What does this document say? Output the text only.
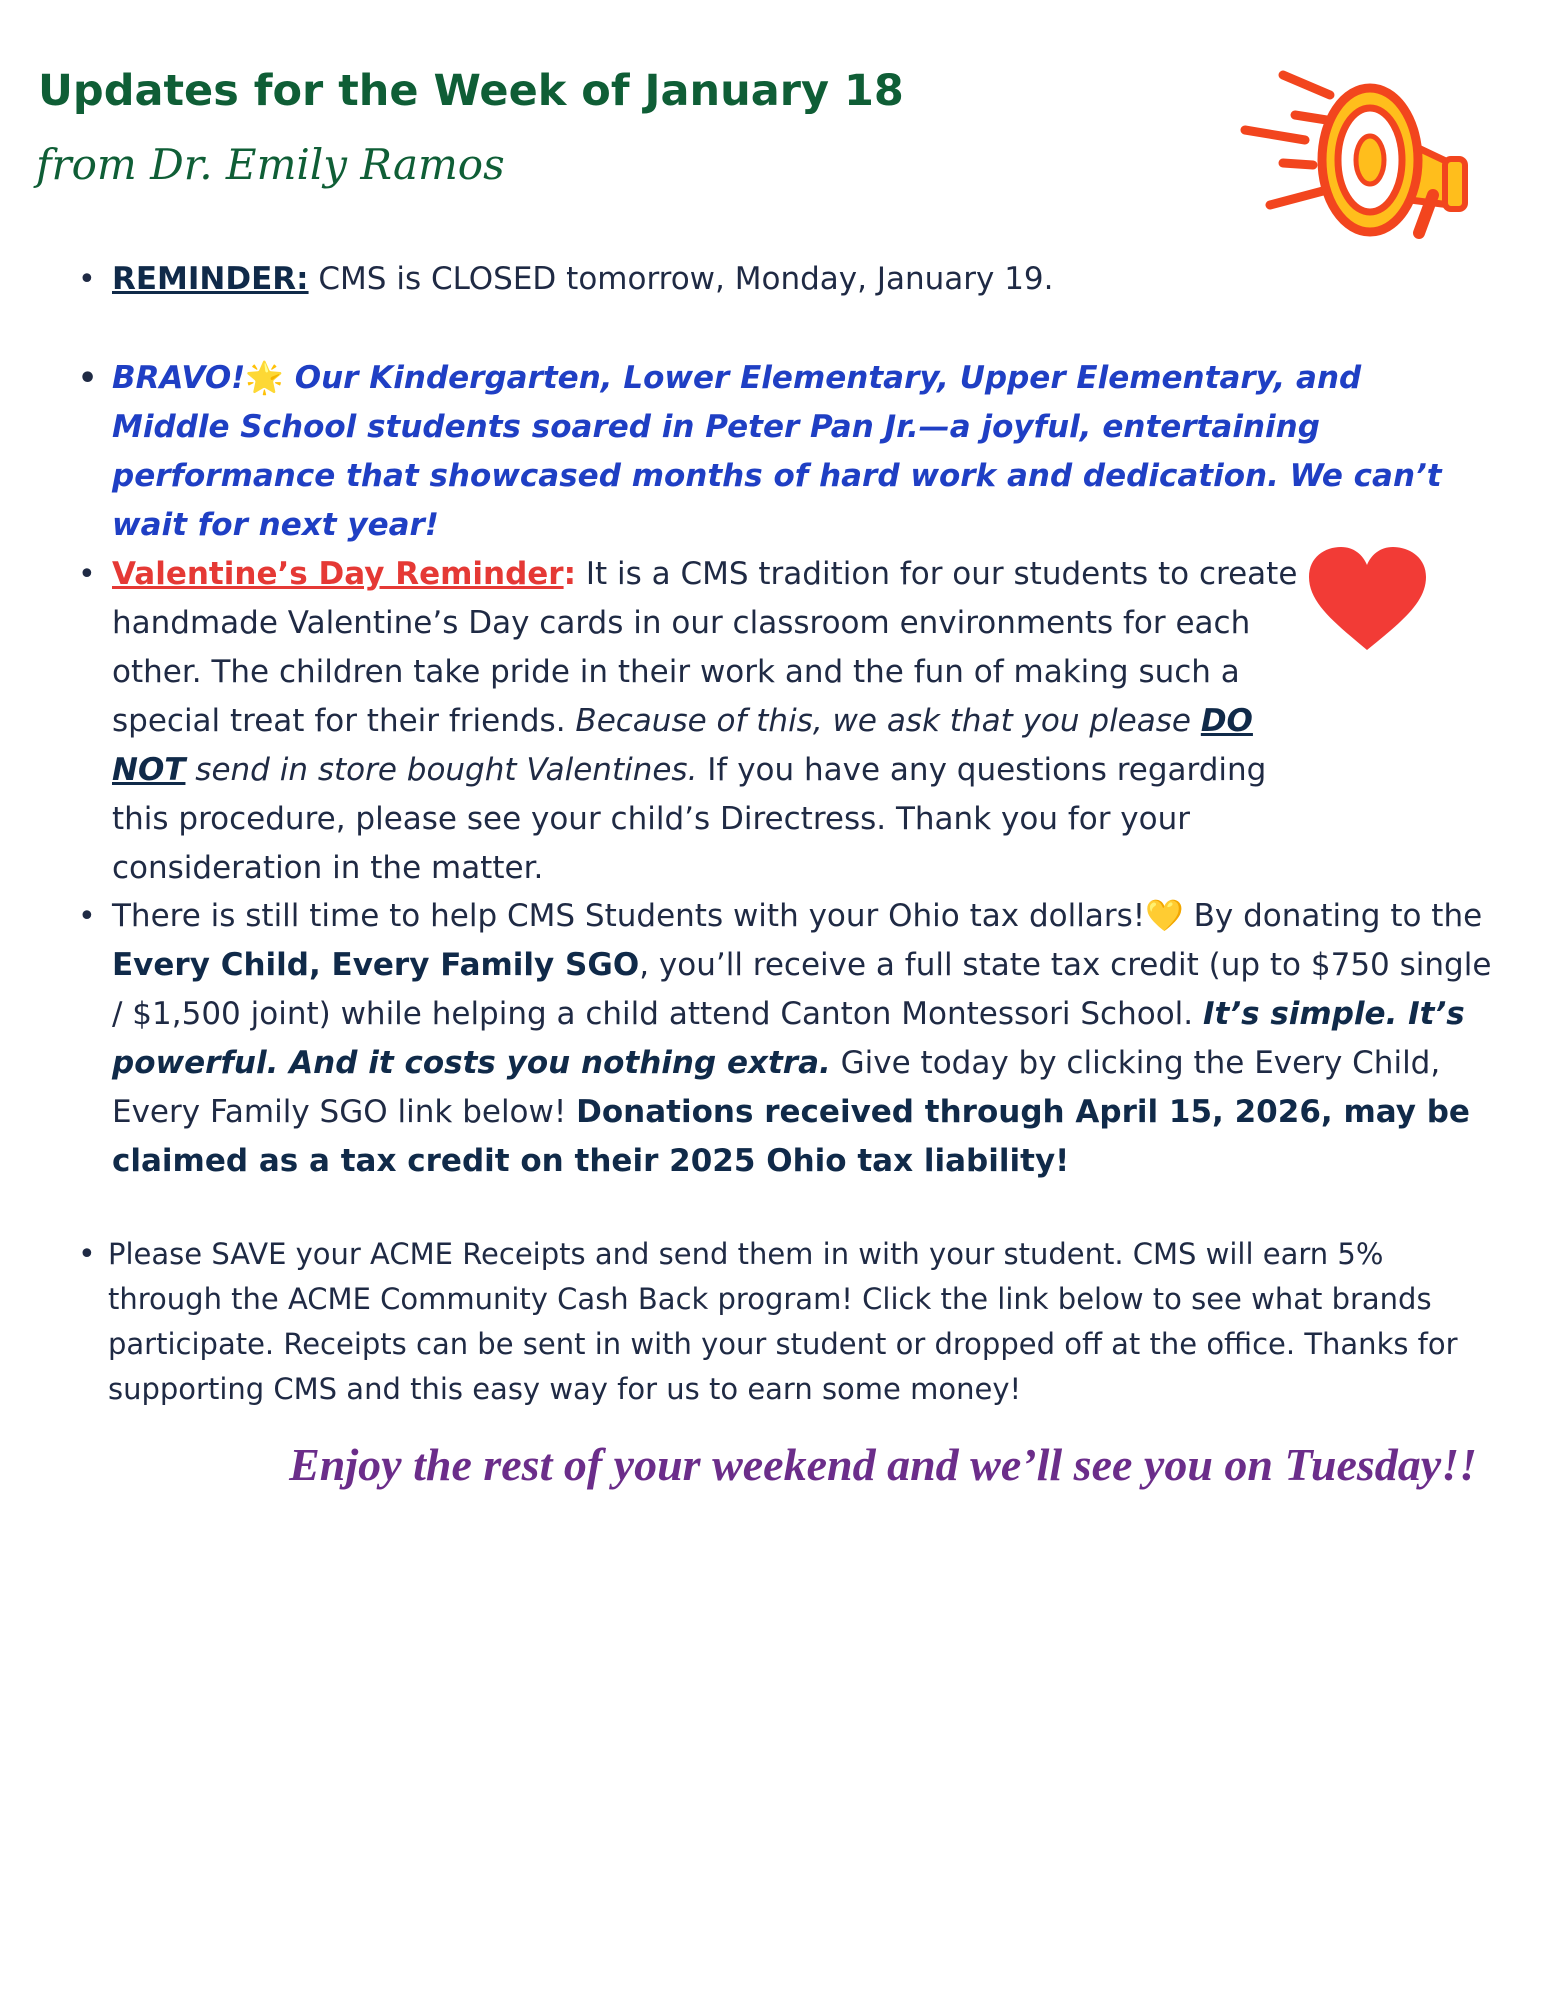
Updates for the Week of January 18
from Dr. Emily Ramos
• REMINDER: CMS is CLOSED tomorrow, Monday, January 19.

• BRAVO!🌟 Our Kindergarten, Lower Elementary, Upper Elementary, and Middle School students soared in Peter Pan Jr.—a joyful, entertaining performance that showcased months of hard work and dedication. We can’t wait for next year!

• Valentine’s Day Reminder: It is a CMS tradition for our students to create handmade Valentine’s Day cards in our classroom environments for each other. The children take pride in their work and the fun of making such a special treat for their friends. Because of this, we ask that you please DO NOT send in store bought Valentines. If you have any questions regarding this procedure, please see your child’s Directress. Thank you for your consideration in the matter.

• There is still time to help CMS Students with your Ohio tax dollars!💛 By donating to the Every Child, Every Family SGO, you’ll receive a full state tax credit (up to $750 single / $1,500 joint) while helping a child attend Canton Montessori School. It’s simple. It’s powerful. And it costs you nothing extra. Give today by clicking the Every Child, Every Family SGO link below! Donations received through April 15, 2026, may be claimed as a tax credit on their 2025 Ohio tax liability!

• Please SAVE your ACME Receipts and send them in with your student. CMS will earn 5% through the ACME Community Cash Back program! Click the link below to see what brands participate. Receipts can be sent in with your student or dropped off at the office. Thanks for supporting CMS and this easy way for us to earn some money!

Enjoy the rest of your weekend and we’ll see you on Tuesday!!
